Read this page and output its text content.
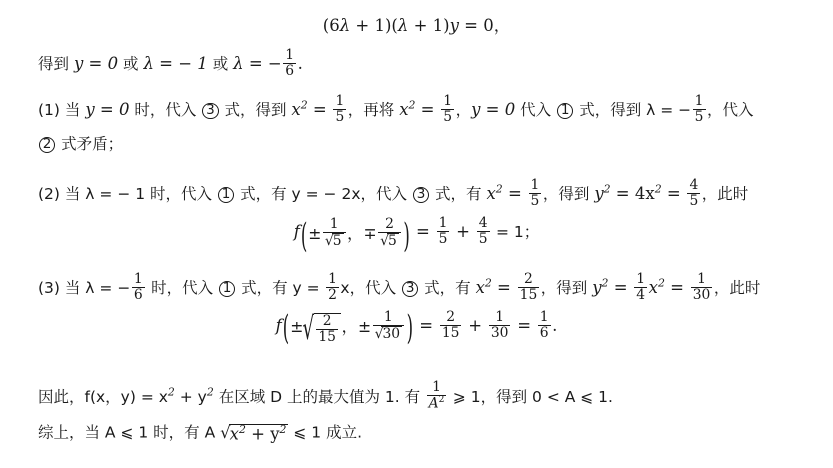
(6λ + 1)(λ + 1)y = 0，
得到 y = 0 或 λ = − 1 或 λ = − $\frac{1}{6}$ .
(1) 当 y = 0 时，代入 3 式，得到 $x^2 = \frac{1}{5}$ ，再将 $x^2 = \frac{1}{5}$ ，y = 0 代入 1 式，得到 λ = − $\frac{1}{5}$ ，代入
2 式矛盾；
(2) 当 λ = − 1 时，代入 1 式，有 y = − 2x，代入 3 式，有 $x^2 = \frac{1}{5}$ ，得到 $y^2 = 4x^2 = \frac{4}{5}$ ，此时
$f(\pm \frac{1}{√5}$ ，∓ $\frac{2}{√5}$ ) = $\frac{1}{5} + \frac{4}{5} = 1$；
(3) 当 λ = − $\frac{1}{6}$ 时，代入 1 式，有 $y = \frac{1}{2}$ x，代入 3 式，有 $x^2 = \frac{2}{15}$ ，得到 $y^2 = \frac{1}{4} x^2 = \frac{1}{30}$ ，此时
$f(\pm√ \frac{2}{15}$ ，± $\frac{1}{√30}$ ) = $\frac{2}{15} + \frac{1}{30} = \frac{1}{6}$ .
因此，f(x，$y) = x^2 + y^2$ 在区域 D 上的最大值为 1. 有 $\frac{1}{A^2}$ ⩾ 1，得到 0 < A ⩽ 1.
综上，当 A ⩽ 1 时，有 A $√x^2 + y^2$ ⩽ 1 成立.
